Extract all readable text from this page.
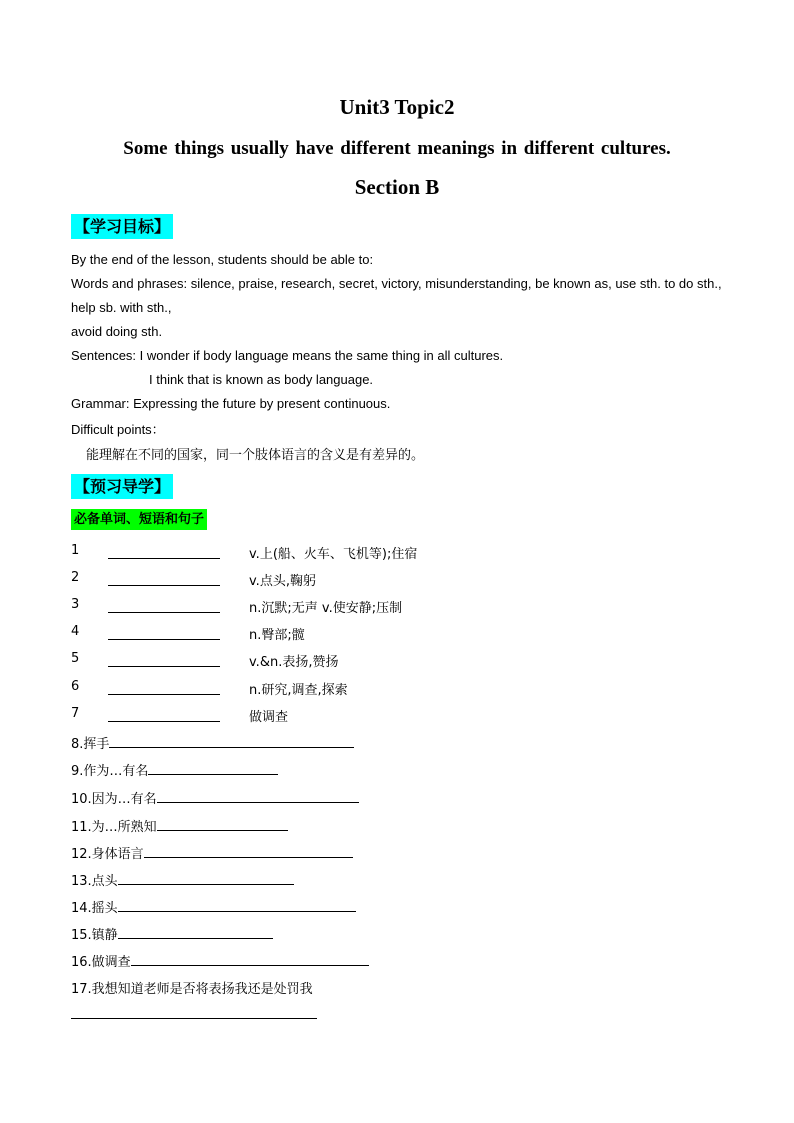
Unit3 Topic2
Some things usually have different meanings in different cultures.
Section B
【学习目标】
By the end of the lesson, students should be able to:
Words and phrases: silence, praise, research, secret, victory, misunderstanding, be known as, use sth. to do sth.,
help sb. with sth.,
avoid doing sth.
Sentences: I wonder if body language means the same thing in all cultures.
I think that is known as body language.
Grammar: Expressing the future by present continuous.
Difficult points：
能理解在不同的国家，同一个肢体语言的含义是有差异的。
【预习导学】
必备单词、短语和句子
1	v.上(船、火车、飞机等);住宿
2	v.点头,鞠躬
3	n.沉默;无声 v.使安静;压制
4	n.臀部;髋
5	v.&n.表扬,赞扬
6	n.研究,调查,探索
7	做调查
8.挥手
9.作为…有名
10.因为…有名
11.为…所熟知
12.身体语言
13.点头
14.摇头
15.镇静
16.做调查
17.我想知道老师是否将表扬我还是处罚我
